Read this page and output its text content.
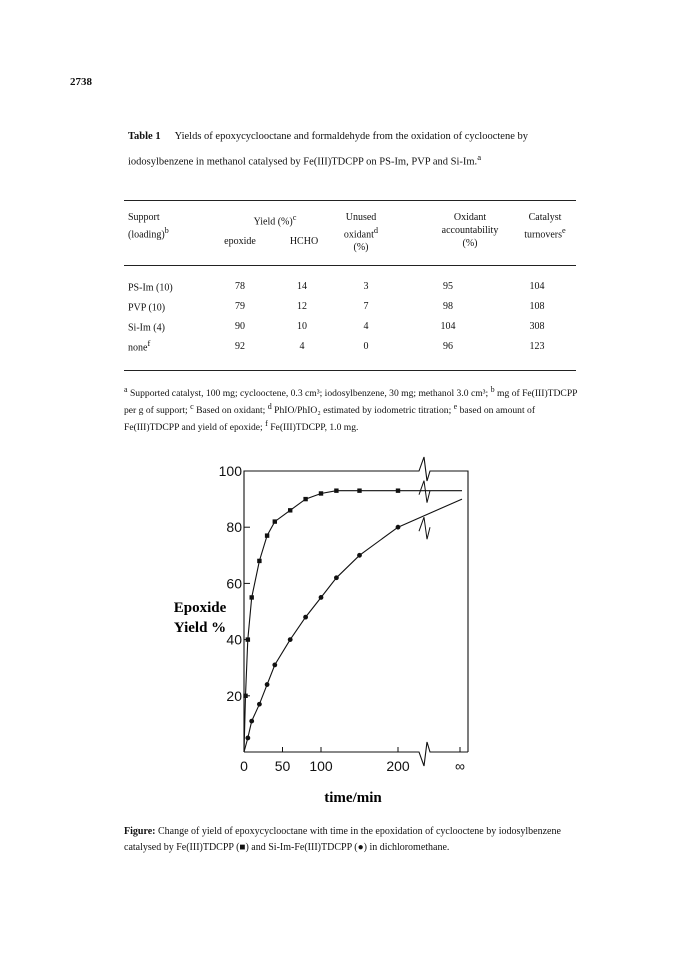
2738
Table 1 Yields of epoxycyclooctane and formaldehyde from the oxidation of cyclooctene by iodosylbenzene in methanol catalysed by Fe(III)TDCPP on PS-Im, PVP and Si-Im.$^a$
Support
(loading)$^b$
Yield (%)$^c$
epoxide	HCHO
Unused
oxidant$^d$
(%)
Oxidant
accountability
(%)
Catalyst
turnovers$^e$
PS-Im (10)	78	14	3	95	104
PVP (10)	79	12	7	98	108
Si-Im (4)	90	10	4	104	308
none$^f$	92	4	0	96	123
$^a$ Supported catalyst, 100 mg; cyclooctene, 0.3 cm³; iodosylbenzene, 30 mg; methanol 3.0 cm³; $^b$ mg of Fe(III)TDCPP per g of support; $^c$ Based on oxidant; $^d$ PhIO/PhIO₂ estimated by iodometric titration; $^e$ based on amount of Fe(III)TDCPP and yield of epoxide; $^f$ Fe(III)TDCPP, 1.0 mg.
100
80
60
40
20
0 50 100	200	∞
Epoxide
Yield %
time/min
Figure: Change of yield of epoxycyclooctane with time in the epoxidation of cyclooctene by iodosylbenzene catalysed by Fe(III)TDCPP (■) and Si-Im-Fe(III)TDCPP (●) in dichloromethane.
